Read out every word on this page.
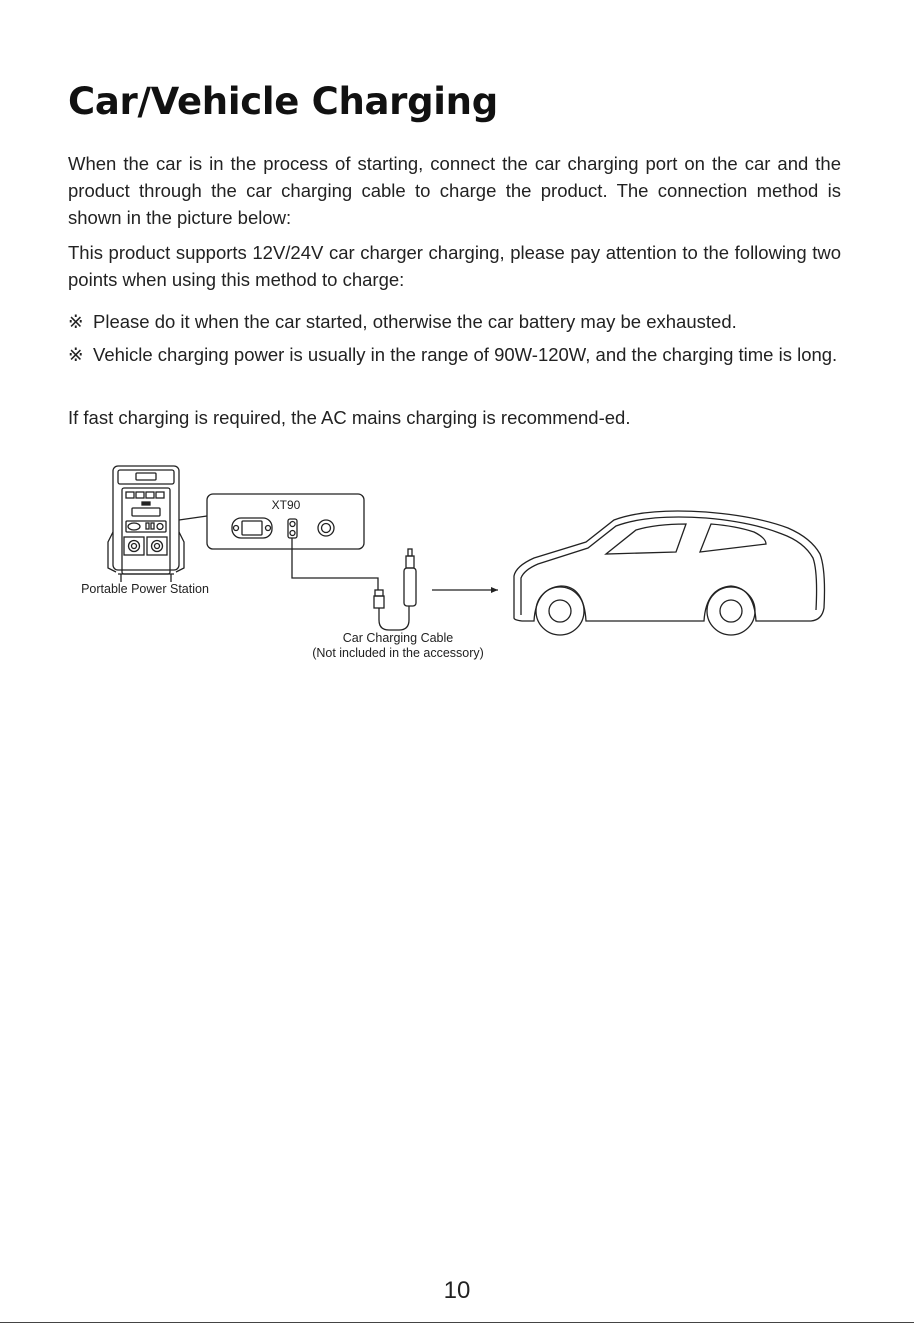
Car/Vehicle Charging

When the car is in the process of starting, connect the car charging port on the car and the product through the car charging cable to charge the product. The connection method is shown in the picture below:

This product supports 12V/24V car charger charging, please pay attention to the following two points when using this method to charge:

※ Please do it when the car started, otherwise the car battery may be exhausted.

※ Vehicle charging power is usually in the range of 90W-120W, and the charging time is long.

If fast charging is required, the AC mains charging is recommend-ed.

XT90
Portable Power Station
Car Charging Cable
(Not included in the accessory)
10
